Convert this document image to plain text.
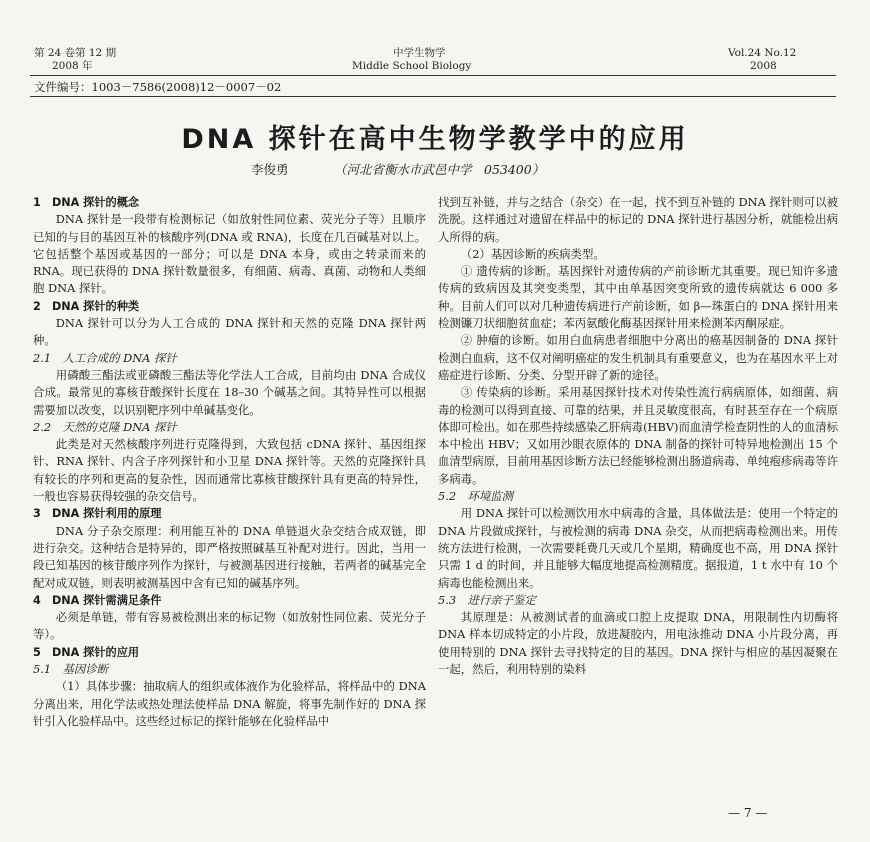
第 24 卷第 12 期
2008 年
中学生物学
Middle School Biology
Vol.24 No.12
2008
文件编号：1003－7586(2008)12－0007－02
DNA 探针在高中生物学教学中的应用
李俊勇	（河北省衡水市武邑中学　053400）
1　DNA 探针的概念

DNA 探针是一段带有检测标记（如放射性同位素、荧光分子等）且顺序已知的与目的基因互补的核酸序列(DNA 或 RNA)，长度在几百碱基对以上。它包括整个基因或基因的一部分；可以是 DNA 本身，或由之转录而来的 RNA。现已获得的 DNA 探针数量很多，有细菌、病毒、真菌、动物和人类细胞 DNA 探针。

2　DNA 探针的种类

DNA 探针可以分为人工合成的 DNA 探针和天然的克隆 DNA 探针两种。

2.1　人工合成的 DNA 探针

用磷酸三酯法或亚磷酸三酯法等化学法人工合成，目前均由 DNA 合成仪合成。最常见的寡核苷酸探针长度在 18–30 个碱基之间。其特异性可以根据需要加以改变，以识别靶序列中单碱基变化。

2.2　天然的克隆 DNA 探针

此类是对天然核酸序列进行克隆得到，大致包括 cDNA 探针、基因组探针、RNA 探针、内含子序列探针和小卫星 DNA 探针等。天然的克隆探针具有较长的序列和更高的复杂性，因而通常比寡核苷酸探针具有更高的特异性，一般也容易获得较强的杂交信号。

3　DNA 探针利用的原理

DNA 分子杂交原理：利用能互补的 DNA 单链退火杂交结合成双链，即进行杂交。这种结合是特异的，即严格按照碱基互补配对进行。因此，当用一段已知基因的核苷酸序列作为探针，与被测基因进行接触，若两者的碱基完全配对成双链，则表明被测基因中含有已知的碱基序列。

4　DNA 探针需满足条件

必须是单链，带有容易被检测出来的标记物（如放射性同位素、荧光分子等）。

5　DNA 探针的应用
5.1　基因诊断

（1）具体步骤：抽取病人的组织或体液作为化验样品，将样品中的 DNA 分离出来，用化学法或热处理法使样品 DNA 解旋，将事先制作好的 DNA 探针引入化验样品中。这些经过标记的探针能够在化验样品中

找到互补链，并与之结合（杂交）在一起，找不到互补链的 DNA 探针则可以被洗脱。这样通过对遗留在样品中的标记的 DNA 探针进行基因分析，就能检出病人所得的病。

（2）基因诊断的疾病类型。

① 遗传病的诊断。基因探针对遗传病的产前诊断尤其重要。现已知许多遗传病的致病因及其突变类型，其中由单基因突变所致的遗传病就达 6 000 多种。目前人们可以对几种遗传病进行产前诊断，如 β—珠蛋白的 DNA 探针用来检测镰刀状细胞贫血症；苯丙氨酸化酶基因探针用来检测苯丙酮尿症。

② 肿瘤的诊断。如用白血病患者细胞中分离出的癌基因制备的 DNA 探针检测白血病，这不仅对阐明癌症的发生机制具有重要意义，也为在基因水平上对癌症进行诊断、分类、分型开辟了新的途径。

③ 传染病的诊断。采用基因探针技术对传染性流行病病原体，如细菌、病毒的检测可以得到直接、可靠的结果，并且灵敏度很高，有时甚至存在一个病原体即可检出。如在那些持续感染乙肝病毒(HBV)而血清学检查阴性的人的血清标本中检出 HBV；又如用沙眼衣原体的 DNA 制备的探针可特异地检测出 15 个血清型病原，目前用基因诊断方法已经能够检测出肠道病毒、单纯疱疹病毒等许多病毒。

5.2　环境监测

用 DNA 探针可以检测饮用水中病毒的含量，具体做法是：使用一个特定的 DNA 片段做成探针，与被检测的病毒 DNA 杂交，从而把病毒检测出来。用传统方法进行检测，一次需要耗费几天或几个星期，精确度也不高，用 DNA 探针只需 1 d 的时间，并且能够大幅度地提高检测精度。据报道，1 t 水中有 10 个病毒也能检测出来。

5.3　进行亲子鉴定

其原理是：从被测试者的血滴或口腔上皮提取 DNA，用限制性内切酶将 DNA 样本切成特定的小片段，放进凝胶内，用电泳推动 DNA 小片段分离，再使用特别的 DNA 探针去寻找特定的目的基因。DNA 探针与相应的基因凝聚在一起，然后，利用特别的染料

— 7 —
